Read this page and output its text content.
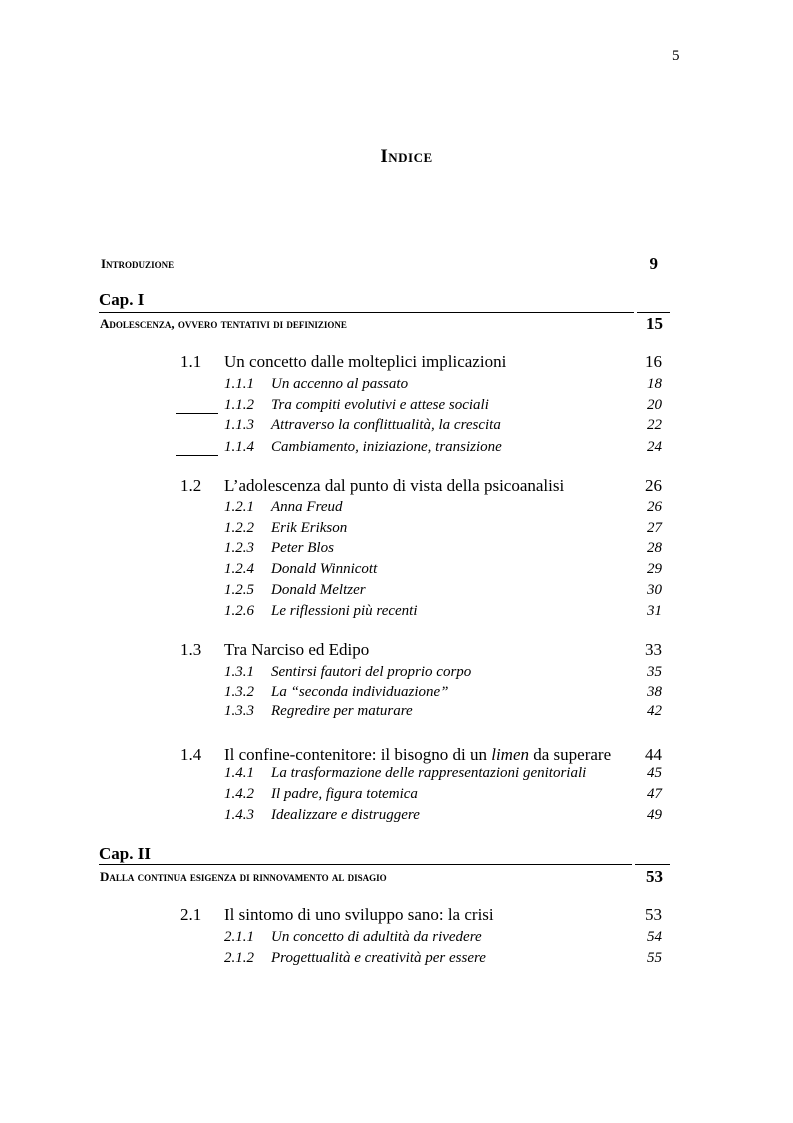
5
Indice
Introduzione	9
Cap. I
Adolescenza, ovvero tentativi di definizione	15
1.1 Un concetto dalle molteplici implicazioni	16
1.1.1 Un accenno al passato	18
1.1.2 Tra compiti evolutivi e attese sociali	20
1.1.3 Attraverso la conflittualità, la crescita	22
1.1.4 Cambiamento, iniziazione, transizione	24
1.2 L’adolescenza dal punto di vista della psicoanalisi	26
1.2.1 Anna Freud	26
1.2.2 Erik Erikson	27
1.2.3 Peter Blos	28
1.2.4 Donald Winnicott	29
1.2.5 Donald Meltzer	30
1.2.6 Le riflessioni più recenti	31
1.3 Tra Narciso ed Edipo	33
1.3.1 Sentirsi fautori del proprio corpo	35
1.3.2 La “seconda individuazione”	38
1.3.3 Regredire per maturare	42
1.4 Il confine-contenitore: il bisogno di un limen da superare	44
1.4.1 La trasformazione delle rappresentazioni genitoriali	45
1.4.2 Il padre, figura totemica	47
1.4.3 Idealizzare e distruggere	49
Cap. II
Dalla continua esigenza di rinnovamento al disagio	53
2.1 Il sintomo di uno sviluppo sano: la crisi	53
2.1.1 Un concetto di adultità da rivedere	54
2.1.2 Progettualità e creatività per essere	55
